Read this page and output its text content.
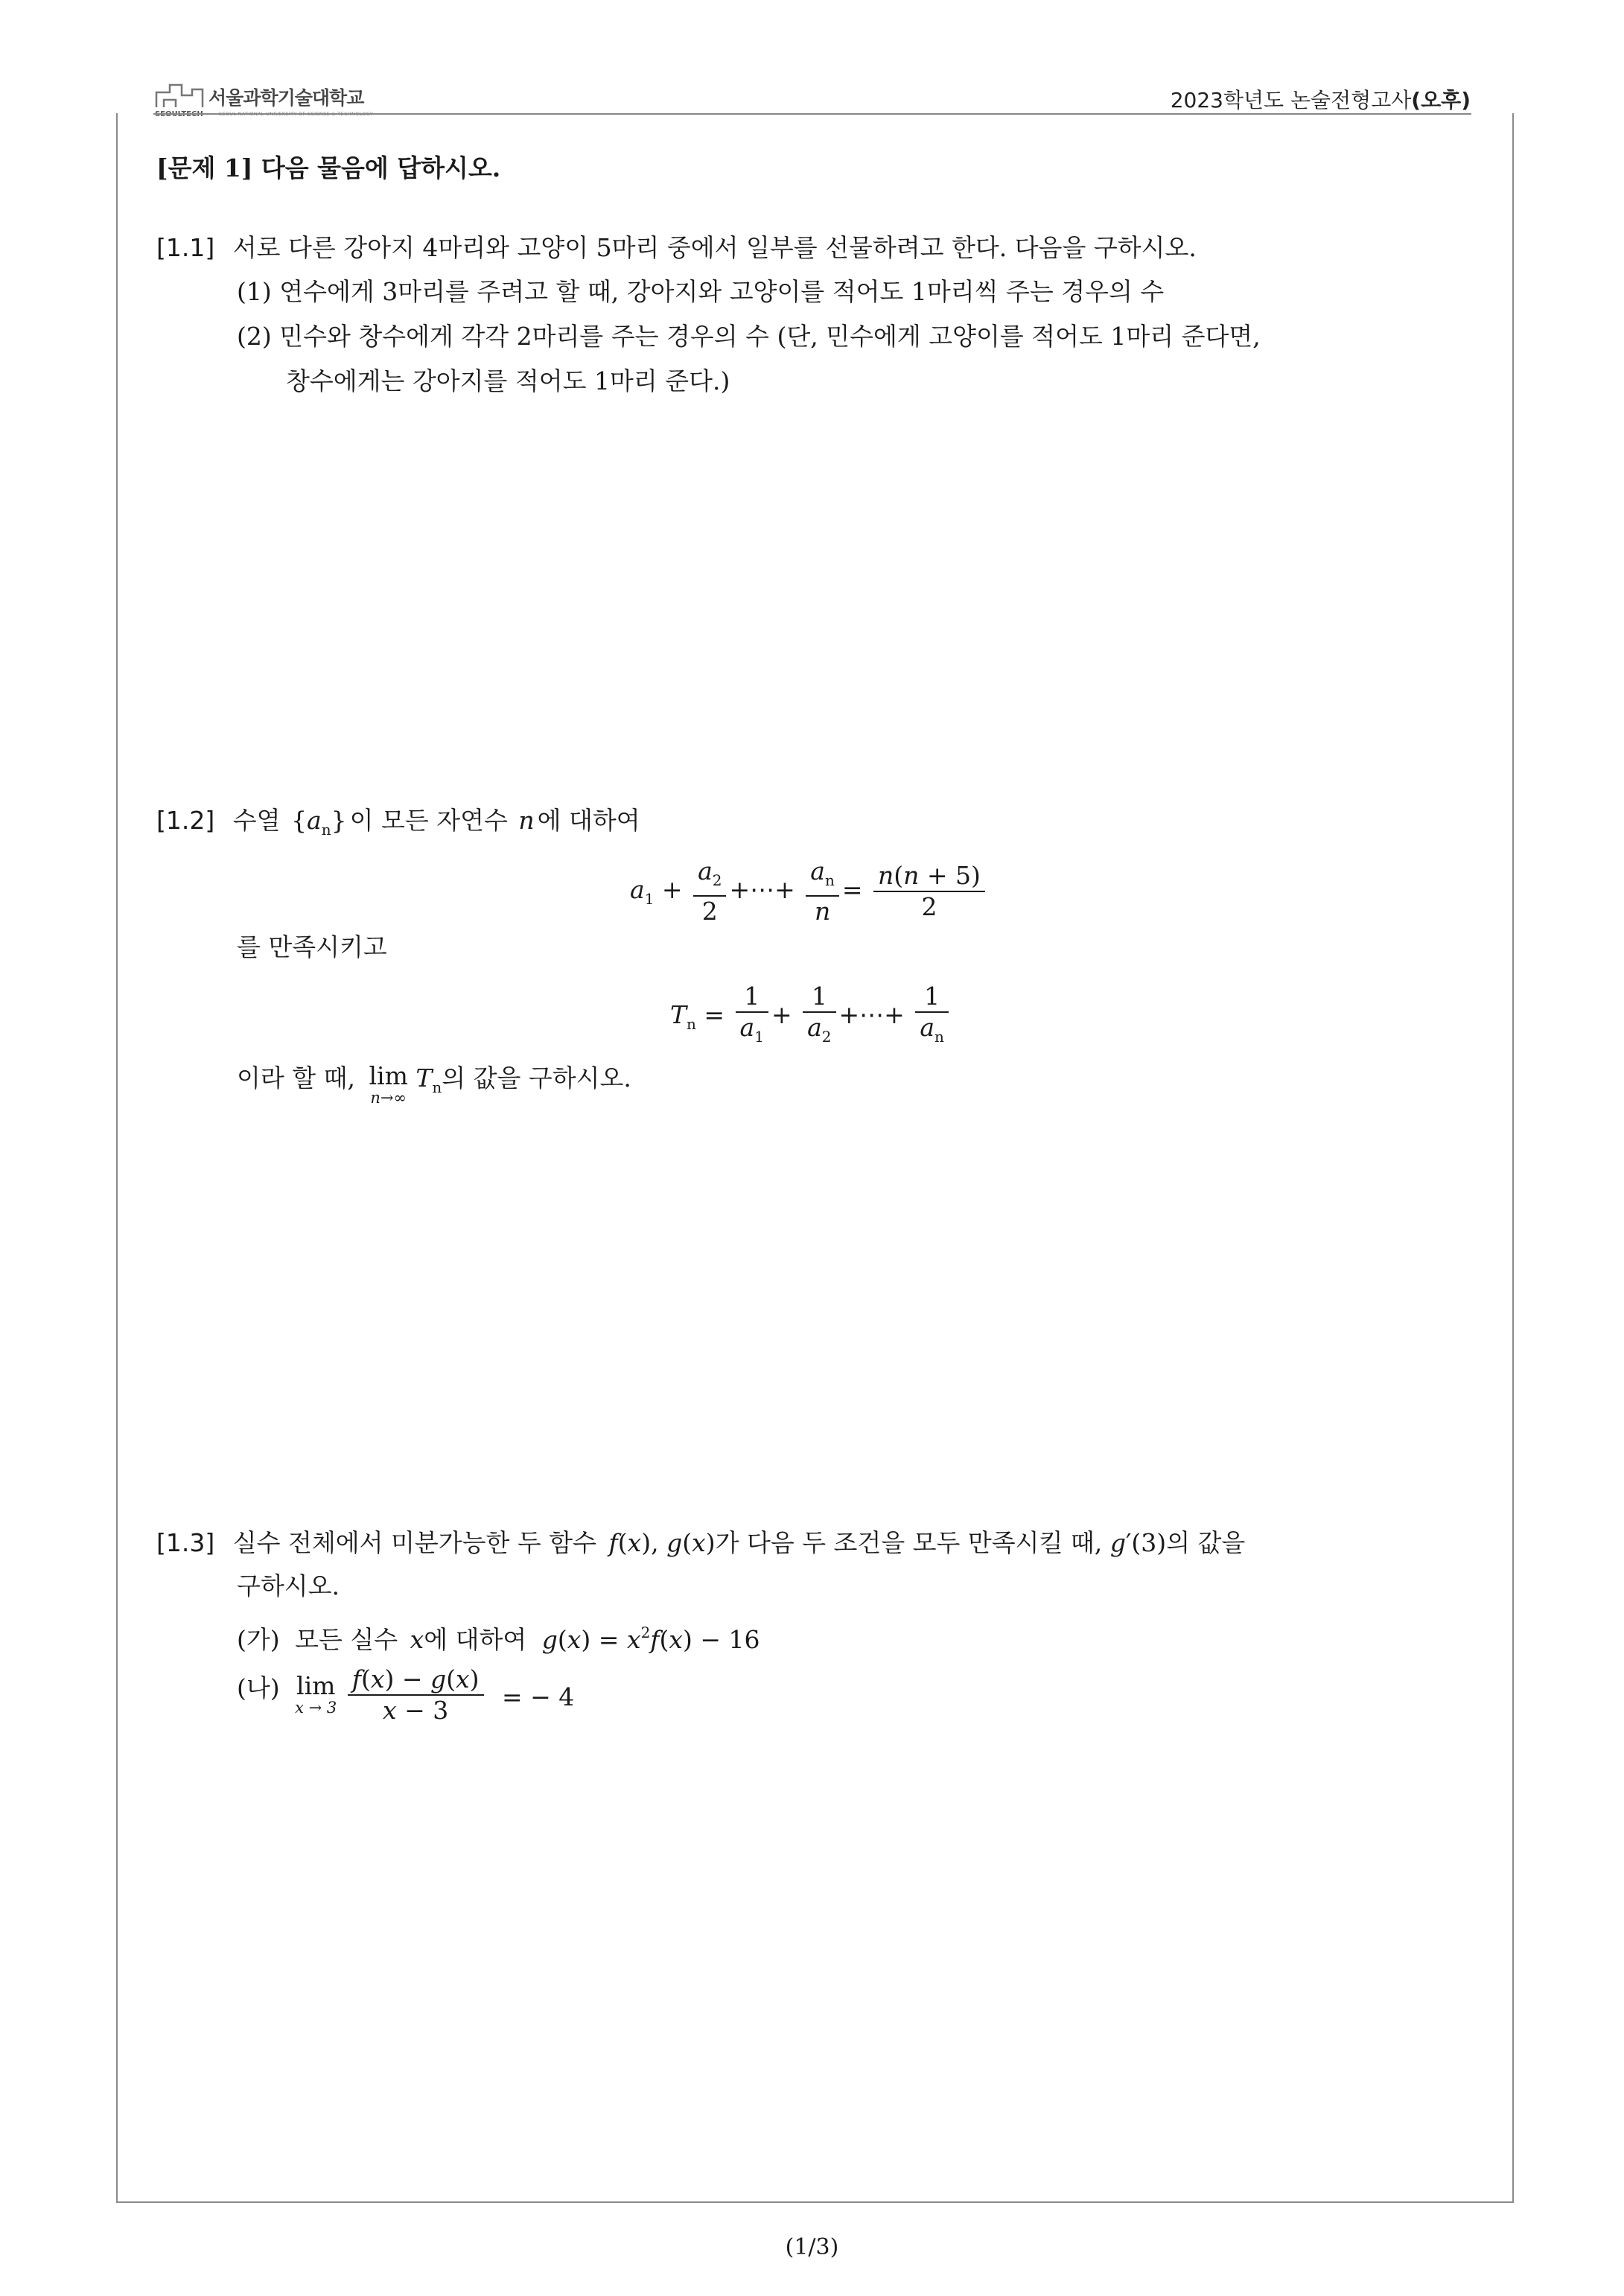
서울과학기술대학교
SEOULTECH	SEOUL NATIONAL UNIVERSITY OF SCIENCE & TECHNOLOGY
2023학년도 논술전형고사(오후)
[문제 1] 다음 물음에 답하시오.
[1.1] 서로 다른 강아지 4마리와 고양이 5마리 중에서 일부를 선물하려고 한다. 다음을 구하시오.
(1) 연수에게 3마리를 주려고 할 때, 강아지와 고양이를 적어도 1마리씩 주는 경우의 수
(2) 민수와 창수에게 각각 2마리를 주는 경우의 수 (단, 민수에게 고양이를 적어도 1마리 준다면,
창수에게는 강아지를 적어도 1마리 준다.)
[1.2] 수열 $\{a_n\}$ 이 모든 자연수 n 에 대하여
$a_1 + \frac{a_2}{2}$ +⋯+ $\frac{a_n}{n} = \frac{n(n + 5)}{2}$
를 만족시키고
$T_n = \frac{1}{a_1} + \frac{1}{a_2}$ +⋯+ $\frac{1}{a_n}$
이라 할 때, lim
n→∞
$T_n$의 값을 구하시오.
[1.3] 실수 전체에서 미분가능한 두 함수 f(x), g(x)가 다음 두 조건을 모두 만족시킬 때, g′(3)의 값을
구하시오.
(가) 모든 실수 x에 대하여 $g(x) = x^2f(x) - 16$
(나) lim
x → 3
$\frac{f(x) - g(x)}{x - 3}$ = − 4
(1/3)
